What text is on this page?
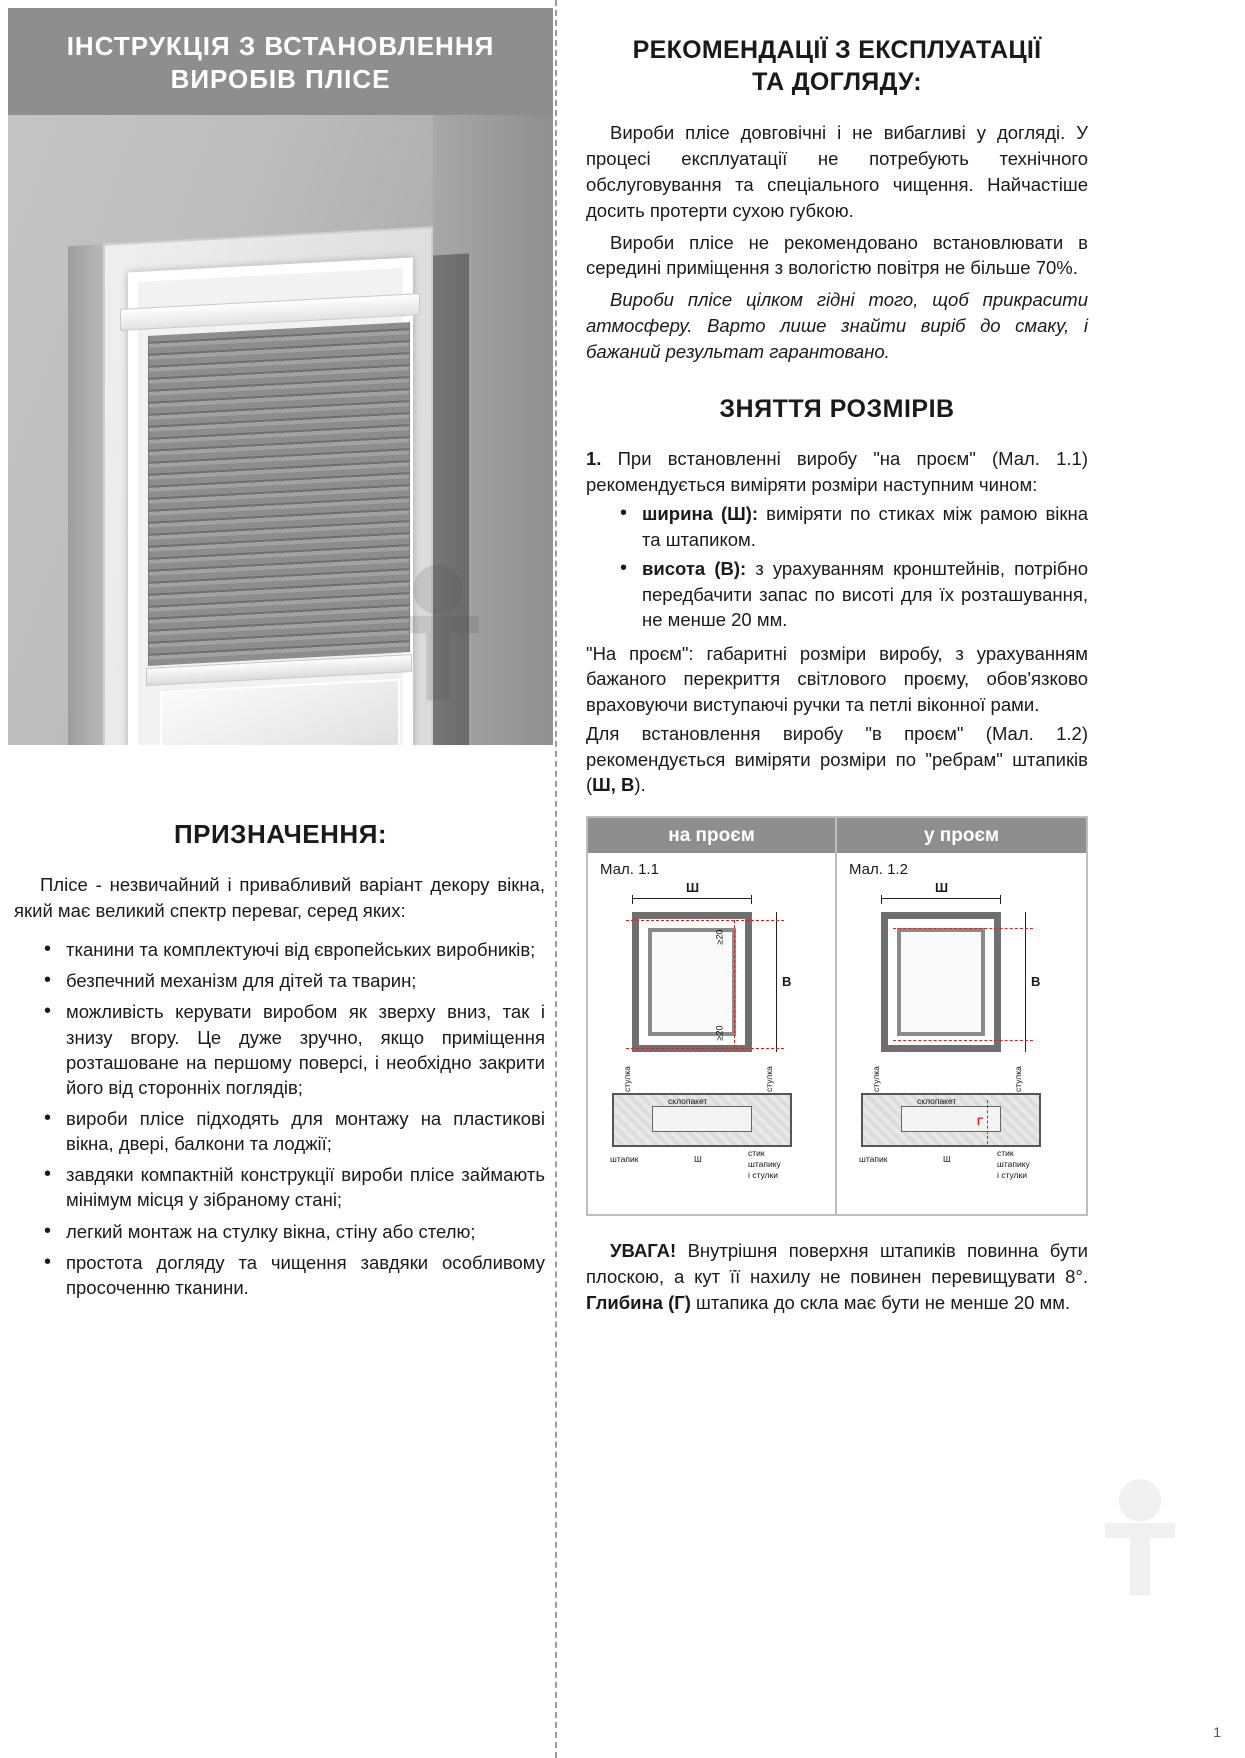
ІНСТРУКЦІЯ З ВСТАНОВЛЕННЯ
ВИРОБІВ ПЛІСЕ
ПРИЗНАЧЕННЯ:

Пліcе - незвичайний і привабливий варіант декору вікна, який має великий спектр переваг, серед яких:

• тканини та комплектуючі від європейських виробників;
• безпечний механізм для дітей та тварин;
• можливість керувати виробом як зверху вниз, так і знизу вгору. Це дуже зручно, якщо приміщення розташоване на першому поверсі, і необхідно закрити його від сторонніх поглядів;
• вироби пліcе підходять для монтажу на пластикові вікна, двері, балкони та лоджії;
• завдяки компактній конструкції вироби пліcе займають мінімум місця у зібраному стані;
• легкий монтаж на стулку вікна, стіну або стелю;
• простота догляду та чищення завдяки особливому просоченню тканини.
РЕКОМЕНДАЦІЇ З ЕКСПЛУАТАЦІЇ
ТА ДОГЛЯДУ:

Вироби пліcе довговічні і не вибагливі у догляді. У процесі експлуатації не потребують технічного обслуговування та спеціального чищення. Найчастіше досить протерти сухою губкою.

Вироби пліcе не рекомендовано встановлювати в середині приміщення з вологістю повітря не більше 70%.

Вироби пліcе цілком гідні того, щоб прикрасити атмосферу. Варто лише знайти виріб до смаку, і бажаний результат гарантовано.

ЗНЯТТЯ РОЗМІРІВ

1. При встановленні виробу "на проєм" (Мал. 1.1) рекомендується виміряти розміри наступним чином:

• ширина (Ш): виміряти по стиках між рамою вікна та штапиком.
• висота (В): з урахуванням кронштейнів, потрібно передбачити запас по висоті для їх розташування, не менше 20 мм.

"На проєм": габаритні розміри виробу, з урахуванням бажаного перекриття світлового проєму, обов'язково враховуючи виступаючі ручки та петлі віконної рами.

Для встановлення виробу "в проєм" (Мал. 1.2) рекомендується виміряти розміри по "ребрам" штапиків (Ш, В).

на проєм
Мал. 1.1
Ш
В
≥20
≥20
стулка
склопакет
стулка
штапик	Ш
стик
штапику
і стулки
у проєм
Мал. 1.2
Ш
В
Г
стулка
склопакет
стулка
штапик	Ш
стик
штапику
і стулки

УВАГА! Внутрішня поверхня штапиків повинна бути плоскою, а кут її нахилу не повинен перевищувати 8°. Глибина (Г) штапика до скла має бути не менше 20 мм.

1
